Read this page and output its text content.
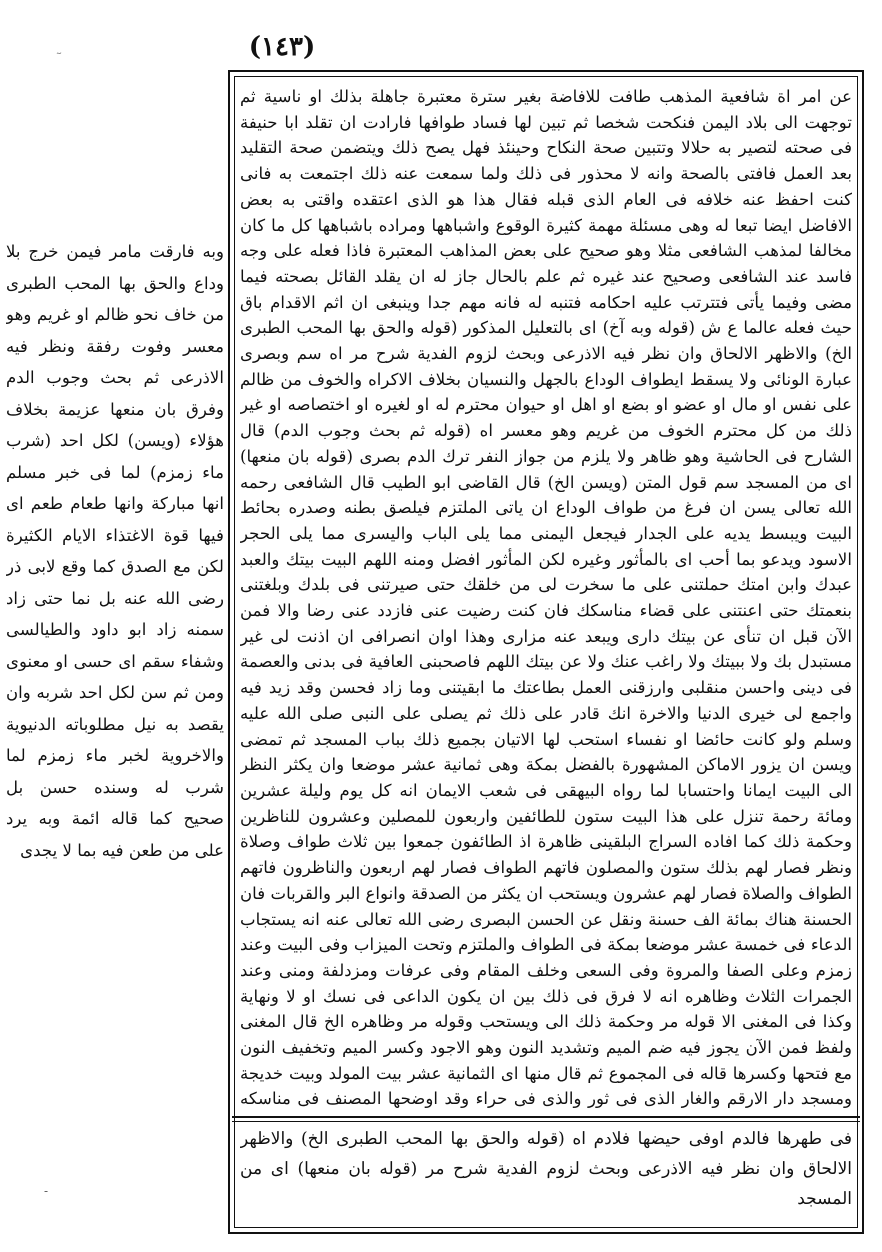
(١٤٣)
-

عن امر اة شافعية المذهب طافت للافاضة بغير سترة معتبرة جاهلة بذلك او ناسية ثم توجهت الى بلاد اليمن فنكحت شخصا ثم تبين لها فساد طوافها فارادت ان تقلد ابا حنيفة فى صحته لتصير به حلالا وتتبين صحة النكاح وحينئذ فهل يصح ذلك ويتضمن صحة التقليد بعد العمل فافتى بالصحة وانه لا محذور فى ذلك ولما سمعت عنه ذلك اجتمعت به فانى كنت احفظ عنه خلافه فى العام الذى قبله فقال هذا هو الذى اعتقده واقتى به بعض الافاضل ايضا تبعا له وهى مسئلة مهمة كثيرة الوقوع واشباهها ومراده باشباهها كل ما كان مخالفا لمذهب الشافعى مثلا وهو صحيح على بعض المذاهب المعتبرة فاذا فعله على وجه فاسد عند الشافعى وصحيح عند غيره ثم علم بالحال جاز له ان يقلد القائل بصحته فيما مضى وفيما يأتى فتترتب عليه احكامه فتنبه له فانه مهم جدا وينبغى ان اثم الاقدام باق حيث فعله عالما ع ش (قوله وبه آخ) اى بالتعليل المذكور (قوله والحق بها المحب الطبرى الخ) والاظهر الالحاق وان نظر فيه الاذرعى وبحث لزوم الفدية شرح مر اه سم وبصرى عبارة الونائى ولا يسقط ايطواف الوداع بالجهل والنسيان بخلاف الاكراه والخوف من ظالم على نفس او مال او عضو او بضع او اهل او حيوان محترم له او لغيره او اختصاصه او غير ذلك من كل محترم الخوف من غريم وهو معسر اه (قوله ثم بحث وجوب الدم) قال الشارح فى الحاشية وهو ظاهر ولا يلزم من جواز النفر ترك الدم بصرى (قوله بان منعها) اى من المسجد سم قول المتن (ويسن الخ) قال القاضى ابو الطيب قال الشافعى رحمه الله تعالى يسن ان فرغ من طواف الوداع ان ياتى الملتزم فيلصق بطنه وصدره بحائط البيت ويبسط يديه على الجدار فيجعل اليمنى مما يلى الباب واليسرى مما يلى الحجر الاسود ويدعو بما أحب اى بالمأثور وغيره لكن المأثور افضل ومنه اللهم البيت بيتك والعبد عبدك وابن امتك حملتنى على ما سخرت لى من خلقك حتى صيرتنى فى بلدك وبلغتنى بنعمتك حتى اعنتنى على قضاء مناسكك فان كنت رضيت عنى فازدد عنى رضا والا فمن الآن قبل ان تنأى عن بيتك دارى ويبعد عنه مزارى وهذا اوان انصرافى ان اذنت لى غير مستبدل بك ولا ببيتك ولا راغب عنك ولا عن بيتك اللهم فاصحبنى العافية فى بدنى والعصمة فى دينى واحسن منقلبى وارزقنى العمل بطاعتك ما ابقيتنى وما زاد فحسن وقد زيد فيه واجمع لى خيرى الدنيا والاخرة انك قادر على ذلك ثم يصلى على النبى صلى الله عليه وسلم ولو كانت حائضا او نفساء استحب لها الاتيان بجميع ذلك بباب المسجد ثم تمضى ويسن ان يزور الاماكن المشهورة بالفضل بمكة وهى ثمانية عشر موضعا وان يكثر النظر الى البيت ايمانا واحتسابا لما رواه البيهقى فى شعب الايمان انه كل يوم وليلة عشرين ومائة رحمة تنزل على هذا البيت ستون للطائفين واربعون للمصلين وعشرون للناظرين وحكمة ذلك كما افاده السراج البلقينى ظاهرة اذ الطائفون جمعوا بين ثلاث طواف وصلاة ونظر فصار لهم بذلك ستون والمصلون فاتهم الطواف فصار لهم اربعون والناظرون فاتهم الطواف والصلاة فصار لهم عشرون ويستحب ان يكثر من الصدقة وانواع البر والقربات فان الحسنة هناك بمائة الف حسنة ونقل عن الحسن البصرى رضى الله تعالى عنه انه يستجاب الدعاء فى خمسة عشر موضعا بمكة فى الطواف والملتزم وتحت الميزاب وفى البيت وعند زمزم وعلى الصفا والمروة وفى السعى وخلف المقام وفى عرفات ومزدلفة ومنى وعند الجمرات الثلاث وظاهره انه لا فرق فى ذلك بين ان يكون الداعى فى نسك او لا ونهاية وكذا فى المغنى الا قوله مر وحكمة ذلك الى ويستحب وقوله مر وظاهره الخ قال المغنى ولفظ فمن الآن يجوز فيه ضم الميم وتشديد النون وهو الاجود وكسر الميم وتخفيف النون مع فتحها وكسرها قاله فى المجموع ثم قال منها اى الثمانية عشر بيت المولد وبيت خديجة ومسجد دار الارقم والغار الذى فى ثور والذى فى حراء وقد اوضحها المصنف فى مناسكه

فى طهرها فالدم اوفى حيضها فلادم اه (قوله والحق بها المحب الطبرى الخ) والاظهر الالحاق وان نظر فيه الاذرعى وبحث لزوم الفدية شرح مر (قوله بان منعها) اى من المسجد

وبه فارقت مامر فيمن خرج بلا وداع والحق بها المحب الطبرى من خاف نحو ظالم او غريم وهو معسر وفوت رفقة ونظر فيه الاذرعى ثم بحث وجوب الدم وفرق بان منعها عزيمة بخلاف هؤلاء (ويسن) لكل احد (شرب ماء زمزم) لما فى خبر مسلم انها مباركة وانها طعام طعم اى فيها قوة الاغتذاء الايام الكثيرة لكن مع الصدق كما وقع لابى ذر رضى الله عنه بل نما حتى زاد سمنه زاد ابو داود والطيالسى وشفاء سقم اى حسى او معنوى ومن ثم سن لكل احد شربه وان يقصد به نيل مطلوباته الدنيوية والاخروية لخبر ماء زمزم لما شرب له وسنده حسن بل صحيح كما قاله ائمة وبه يرد على من طعن فيه بما لا يجدى
